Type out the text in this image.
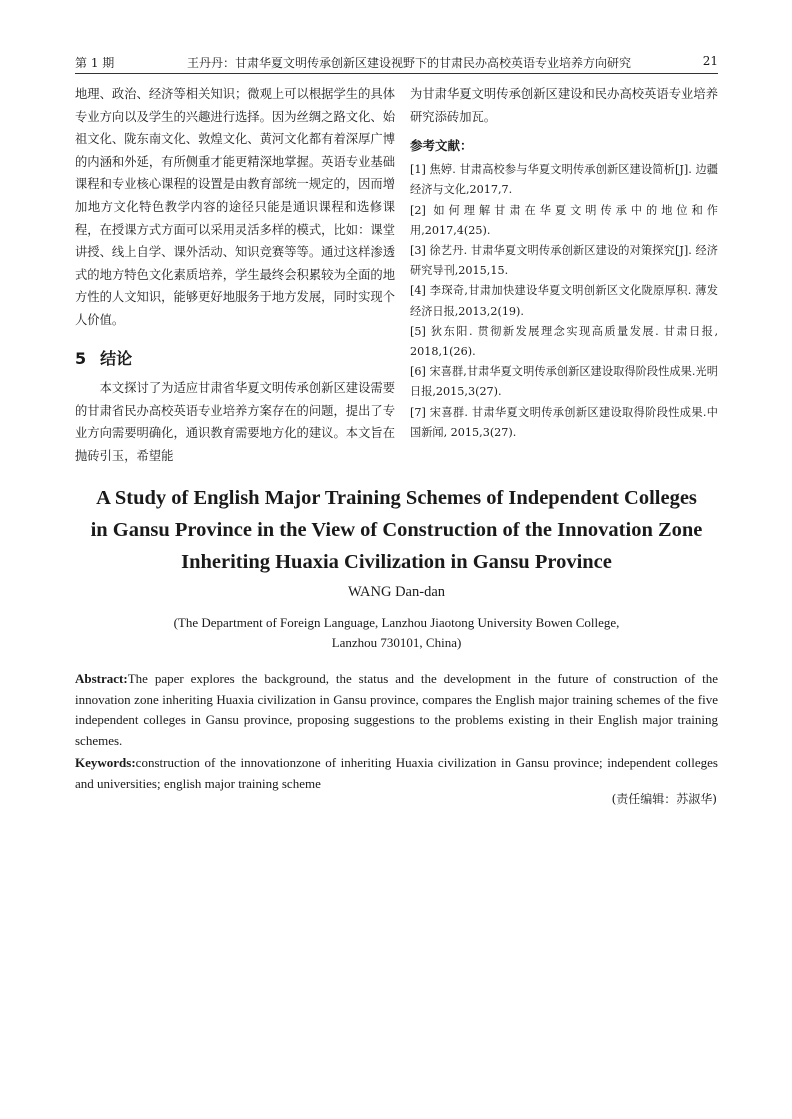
第 1 期	王丹丹：甘肃华夏文明传承创新区建设视野下的甘肃民办高校英语专业培养方向研究	21

地理、政治、经济等相关知识；微观上可以根据学生的具体专业方向以及学生的兴趣进行选择。因为丝绸之路文化、始祖文化、陇东南文化、敦煌文化、黄河文化都有着深厚广博的内涵和外延，有所侧重才能更精深地掌握。英语专业基础课程和专业核心课程的设置是由教育部统一规定的，因而增加地方文化特色教学内容的途径只能是通识课程和选修课程，在授课方式方面可以采用灵活多样的模式，比如：课堂讲授、线上自学、课外活动、知识竞赛等等。通过这样渗透式的地方特色文化素质培养，学生最终会积累较为全面的地方性的人文知识，能够更好地服务于地方发展，同时实现个人价值。

5 结论

本文探讨了为适应甘肃省华夏文明传承创新区建设需要的甘肃省民办高校英语专业培养方案存在的问题，提出了专业方向需要明确化，通识教育需要地方化的建议。本文旨在抛砖引玉，希望能

为甘肃华夏文明传承创新区建设和民办高校英语专业培养研究添砖加瓦。

参考文献：
[1] 焦婷. 甘肃高校参与华夏文明传承创新区建设简析[J]. 边疆经济与文化,2017,7.
[2] 如何理解甘肃在华夏文明传承中的地位和作用,2017,4(25).
[3] 徐艺丹. 甘肃华夏文明传承创新区建设的对策探究[J]. 经济研究导刊,2015,15.
[4] 李琛奇,甘肃加快建设华夏文明创新区文化陇原厚积. 薄发经济日报,2013,2(19).
[5] 狄东阳. 贯彻新发展理念实现高质量发展. 甘肃日报, 2018,1(26).
[6] 宋喜群,甘肃华夏文明传承创新区建设取得阶段性成果.光明日报,2015,3(27).
[7] 宋喜群. 甘肃华夏文明传承创新区建设取得阶段性成果.中国新闻, 2015,3(27).
A Study of English Major Training Schemes of Independent Colleges
in Gansu Province in the View of Construction of the Innovation Zone
Inheriting Huaxia Civilization in Gansu Province

WANG Dan-dan

(The Department of Foreign Language, Lanzhou Jiaotong University Bowen College,
Lanzhou 730101, China)

Abstract:The paper explores the background, the status and the development in the future of construction of the innovation zone inheriting Huaxia civilization in Gansu province, compares the English major training schemes of the five independent colleges in Gansu province, proposing suggestions to the problems existing in their English major training schemes.

Keywords:construction of the innovationzone of inheriting Huaxia civilization in Gansu province; independent colleges and universities; english major training scheme

(责任编辑：苏淑华)
